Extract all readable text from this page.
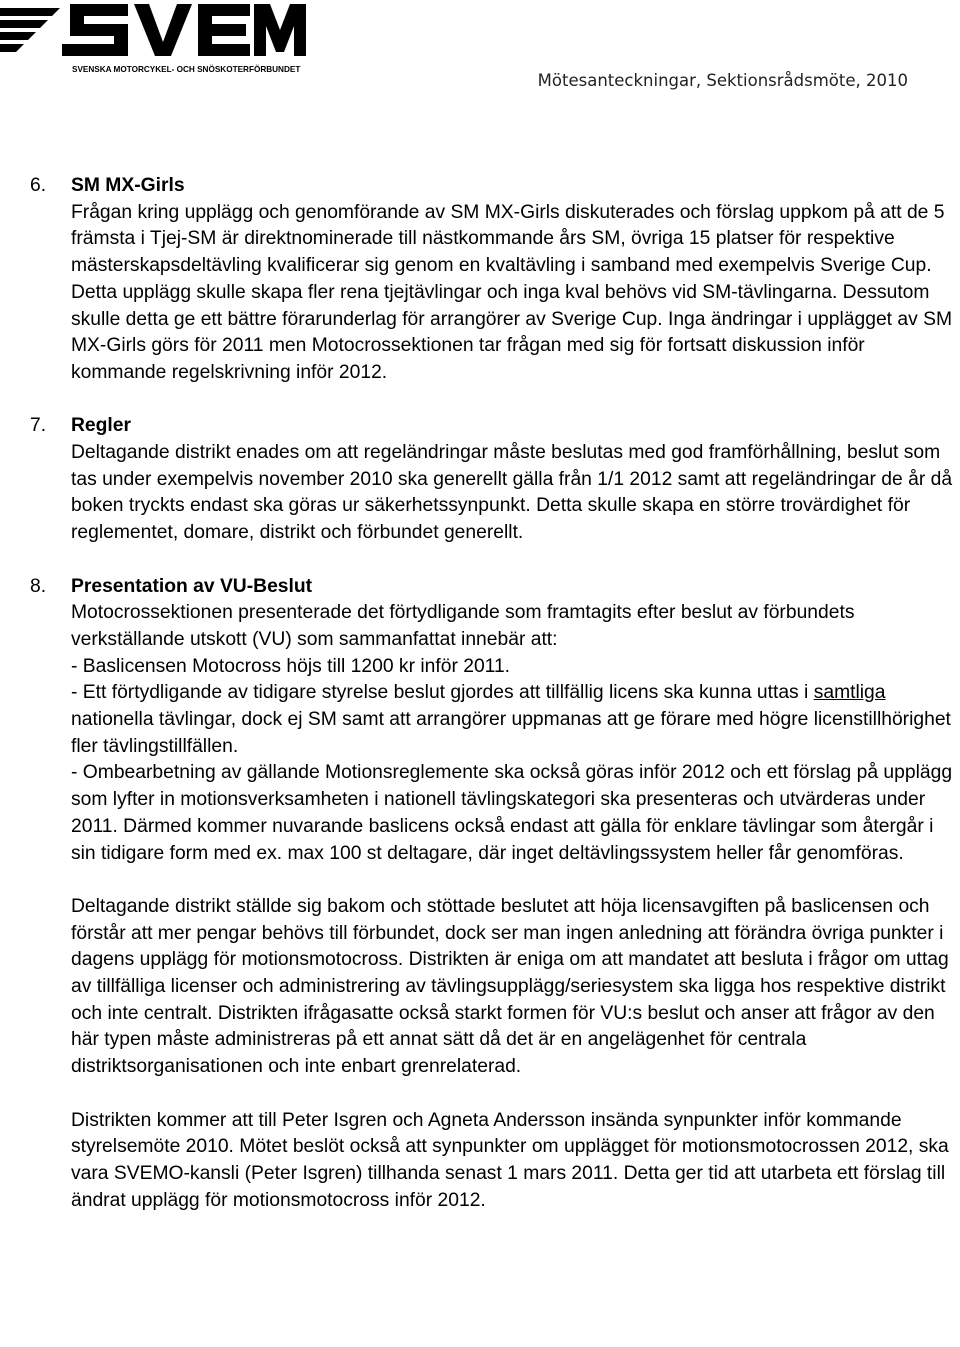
SVENSKA MOTORCYKEL- OCH SNÖSKOTERFÖRBUNDET
Mötesanteckningar, Sektionsrådsmöte, 2010
6. SM MX-Girls

Frågan kring upplägg och genomförande av SM MX-Girls diskuterades och förslag uppkom på att de 5 främsta i Tjej-SM är direktnominerade till nästkommande års SM, övriga 15 platser för respektive mästerskapsdeltävling kvalificerar sig genom en kvaltävling i samband med exempelvis Sverige Cup. Detta upplägg skulle skapa fler rena tjejtävlingar och inga kval behövs vid SM-tävlingarna. Dessutom skulle detta ge ett bättre förarunderlag för arrangörer av Sverige Cup. Inga ändringar i upplägget av SM MX-Girls görs för 2011 men Motocrossektionen tar frågan med sig för fortsatt diskussion inför kommande regelskrivning inför 2012.

7. Regler

Deltagande distrikt enades om att regeländringar måste beslutas med god framförhållning, beslut som tas under exempelvis november 2010 ska generellt gälla från 1/1 2012 samt att regeländringar de år då boken tryckts endast ska göras ur säkerhetssynpunkt. Detta skulle skapa en större trovärdighet för reglementet, domare, distrikt och förbundet generellt.

8. Presentation av VU-Beslut

Motocrossektionen presenterade det förtydligande som framtagits efter beslut av förbundets verkställande utskott (VU) som sammanfattat innebär att:

- Baslicensen Motocross höjs till 1200 kr inför 2011.

- Ett förtydligande av tidigare styrelse beslut gjordes att tillfällig licens ska kunna uttas i samtliga nationella tävlingar, dock ej SM samt att arrangörer uppmanas att ge förare med högre licenstillhörighet fler tävlingstillfällen.

- Ombearbetning av gällande Motionsreglemente ska också göras inför 2012 och ett förslag på upplägg som lyfter in motionsverksamheten i nationell tävlingskategori ska presenteras och utvärderas under 2011. Därmed kommer nuvarande baslicens också endast att gälla för enklare tävlingar som återgår i sin tidigare form med ex. max 100 st deltagare, där inget deltävlingssystem heller får genomföras.

Deltagande distrikt ställde sig bakom och stöttade beslutet att höja licensavgiften på baslicensen och förstår att mer pengar behövs till förbundet, dock ser man ingen anledning att förändra övriga punkter i dagens upplägg för motionsmotocross. Distrikten är eniga om att mandatet att besluta i frågor om uttag av tillfälliga licenser och administrering av tävlingsupplägg/seriesystem ska ligga hos respektive distrikt och inte centralt. Distrikten ifrågasatte också starkt formen för VU:s beslut och anser att frågor av den här typen måste administreras på ett annat sätt då det är en angelägenhet för centrala distriktsorganisationen och inte enbart grenrelaterad.

Distrikten kommer att till Peter Isgren och Agneta Andersson insända synpunkter inför kommande styrelsemöte 2010. Mötet beslöt också att synpunkter om upplägget för motionsmotocrossen 2012, ska vara SVEMO-kansli (Peter Isgren) tillhanda senast 1 mars 2011. Detta ger tid att utarbeta ett förslag till ändrat upplägg för motionsmotocross inför 2012.
